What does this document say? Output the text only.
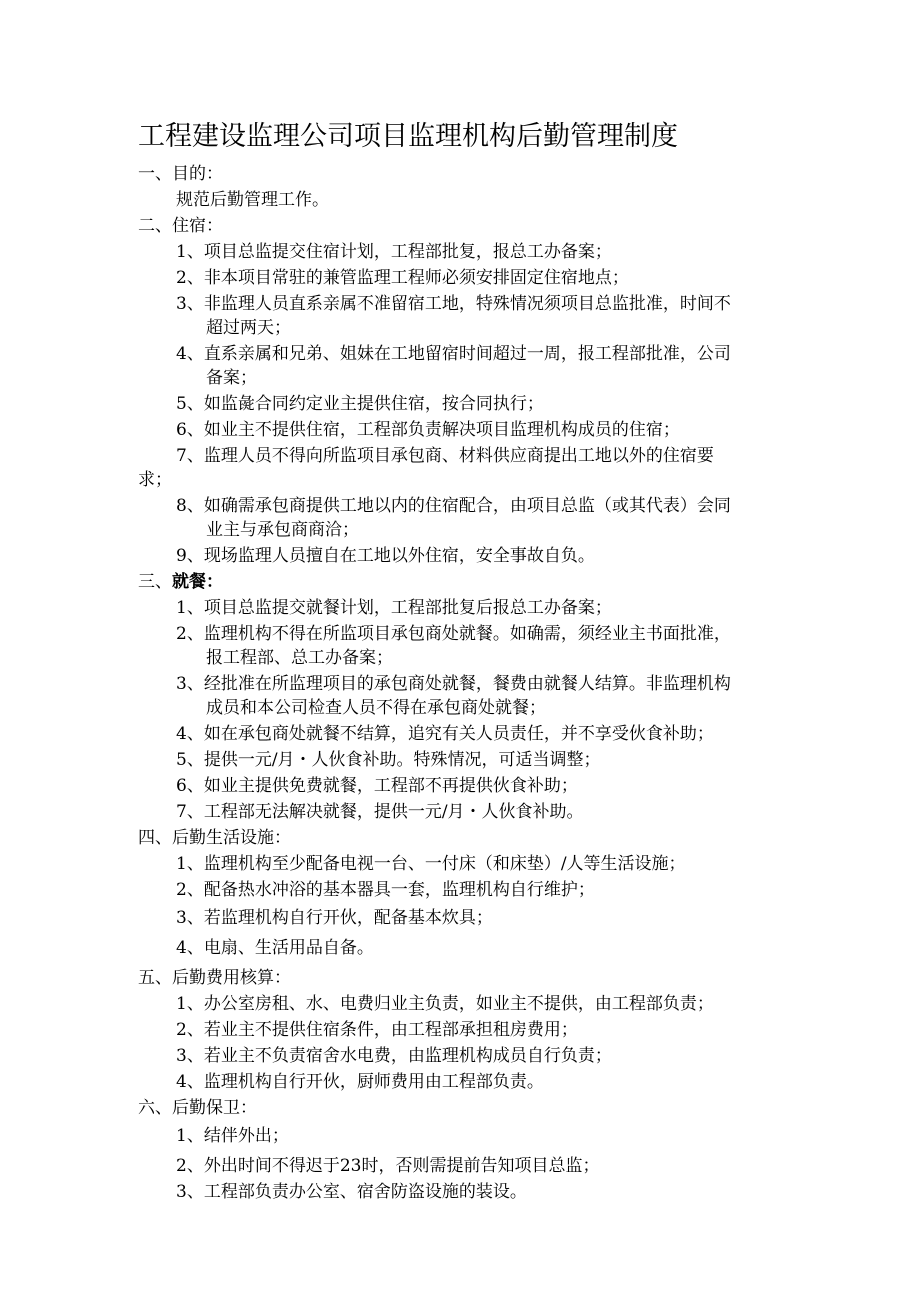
工程建设监理公司项目监理机构后勤管理制度
一、目的：
规范后勤管理工作。
二、住宿：
1、项目总监提交住宿计划，工程部批复，报总工办备案；
2、非本项目常驻的兼管监理工程师必须安排固定住宿地点；
3、非监理人员直系亲属不准留宿工地，特殊情况须项目总监批准，时间不
超过两天；
4、直系亲属和兄弟、姐妹在工地留宿时间超过一周，报工程部批准，公司
备案；
5、如监彘合同约定业主提供住宿，按合同执行；
6、如业主不提供住宿，工程部负责解决项目监理机构成员的住宿；
7、监理人员不得向所监项目承包商、材料供应商提出工地以外的住宿要
求；
8、如确需承包商提供工地以内的住宿配合，由项目总监（或其代表）会同
业主与承包商商洽；
9、现场监理人员擅自在工地以外住宿，安全事故自负。
三、就餐：
1、项目总监提交就餐计划，工程部批复后报总工办备案；
2、监理机构不得在所监项目承包商处就餐。如确需，须经业主书面批准，
报工程部、总工办备案；
3、经批准在所监理项目的承包商处就餐，餐费由就餐人结算。非监理机构
成员和本公司检查人员不得在承包商处就餐；
4、如在承包商处就餐不结算，追究有关人员责任，并不享受伙食补助；
5、提供一元/月・人伙食补助。特殊情况，可适当调整；
6、如业主提供免费就餐，工程部不再提供伙食补助；
7、工程部无法解决就餐，提供一元/月・人伙食补助。
四、后勤生活设施：
1、监理机构至少配备电视一台、一付床（和床垫）/人等生活设施；
2、配备热水冲浴的基本器具一套，监理机构自行维护；
3、若监理机构自行开伙，配备基本炊具；
4、电扇、生活用品自备。
五、后勤费用核算：
1、办公室房租、水、电费归业主负责，如业主不提供，由工程部负责；
2、若业主不提供住宿条件，由工程部承担租房费用；
3、若业主不负责宿舍水电费，由监理机构成员自行负责；
4、监理机构自行开伙，厨师费用由工程部负责。
六、后勤保卫：
1、结伴外出；
2、外出时间不得迟于23时，否则需提前告知项目总监；
3、工程部负责办公室、宿舍防盗设施的装设。
